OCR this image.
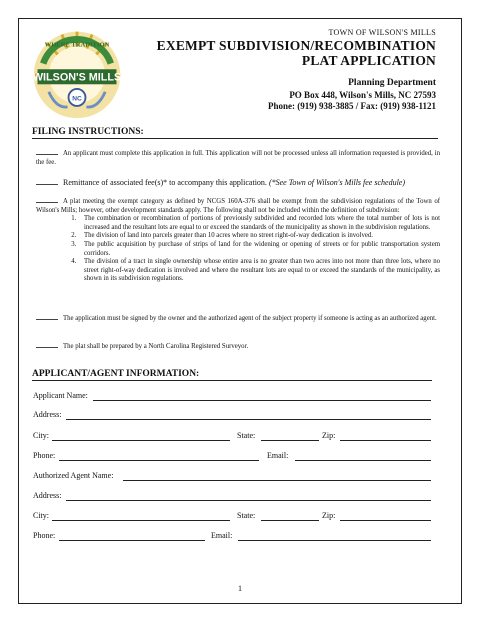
WHERE TRADITION
WILSON'S MILLS
NC
TOWN OF WILSON'S MILLS
EXEMPT SUBDIVISION/RECOMBINATION
PLAT APPLICATION
Planning Department
PO Box 448, Wilson's Mills, NC 27593
Phone: (919) 938-3885 / Fax: (919) 938-1121
FILING INSTRUCTIONS:
An applicant must complete this application in full. This application will not be processed unless all information requested is provided, in the fee.
Remittance of associated fee(s)* to accompany this application. (*See Town of Wilson's Mills fee schedule)
A plat meeting the exempt category as defined by NCGS 160A-376 shall be exempt from the subdivision regulations of the Town of Wilson's Mills; however, other development standards apply. The following shall not be included within the definition of subdivision:
1. The combination or recombination of portions of previously subdivided and recorded lots where the total number of lots is not increased and the resultant lots are equal to or exceed the standards of the municipality as shown in the subdivision regulations.
2. The division of land into parcels greater than 10 acres where no street right-of-way dedication is involved.
3. The public acquisition by purchase of strips of land for the widening or opening of streets or for public transportation system corridors.
4. The division of a tract in single ownership whose entire area is no greater than two acres into not more than three lots, where no street right-of-way dedication is involved and where the resultant lots are equal to or exceed the standards of the municipality, as shown in its subdivision regulations.
The application must be signed by the owner and the authorized agent of the subject property if someone is acting as an authorized agent.
The plat shall be prepared by a North Carolina Registered Surveyor.
APPLICANT/AGENT INFORMATION:
Applicant Name:
Address:
City:	State:	Zip:
Phone:	Email:
Authorized Agent Name:
Address:
City:	State:	Zip:
Phone:	Email:
1
